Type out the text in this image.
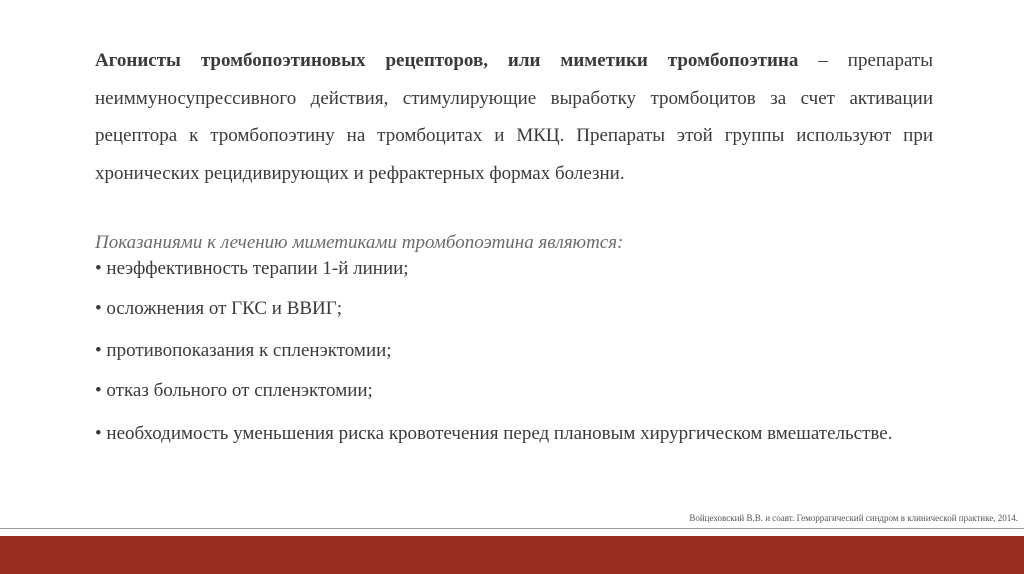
Агонисты тромбопоэтиновых рецепторов, или миметики тромбопоэтина – препараты неиммуносупрессивного действия, стимулирующие выработку тромбоцитов за счет активации рецептора к тромбопоэтину на тромбоцитах и МКЦ. Препараты этой группы используют при хронических рецидивирующих и рефрактерных формах болезни.

Показаниями к лечению миметиками тромбопоэтина являются:

• неэффективность терапии 1-й линии;

• осложнения от ГКС и ВВИГ;

• противопоказания к спленэктомии;

• отказ больного от спленэктомии;

• необходимость уменьшения риска кровотечения перед плановым хирургическом вмешательстве.

Войцеховский В.В. и соавт. Геморрагический синдром в клинической практике, 2014.
